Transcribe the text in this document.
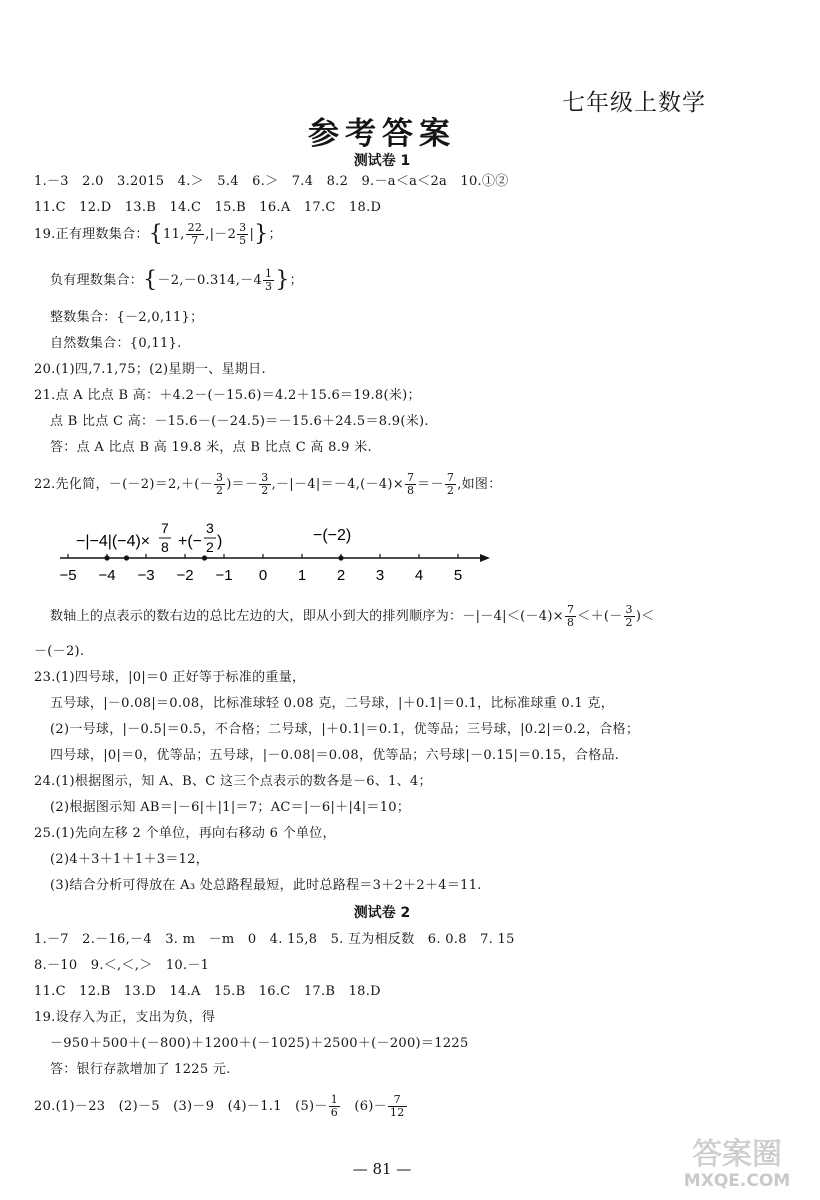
七年级上数学
参考答案
测试卷 1
1.－3　2.0　3.2015　4.＞　5.4　6.＞　7.4　8.2　9.－a＜a＜2a　10.①②
11.C　12.D　13.B　14.C　15.B　16.A　17.C　18.D
19.正有理数集合：{11, $\frac{22}{7} ,|-2 \frac{3}{5}$ |}；
负有理数集合：{$-2,-0.314,-4 \frac{1}{3}$ }；
整数集合：{－2,0,11}；
自然数集合：{0,11}.
20.(1)四,7.1,75；(2)星期一、星期日.
21.点 A 比点 B 高：＋4.2－(－15.6)＝4.2＋15.6＝19.8(米)；
点 B 比点 C 高：－15.6－(－24.5)＝－15.6＋24.5＝8.9(米).
答：点 A 比点 B 高 19.8 米，点 B 比点 C 高 8.9 米.
22.先化简，$-(-2)=2,+(- \frac{3}{2}$ )＝－ $\frac{3}{2} ,-|-4|=-4,(-4)\times \frac{7}{8} =- \frac{7}{2}$ ,如图：
−|−4|(−4)×
7
8 +(−
3
2 )	−(−2)
−5 −4 −3 −2 −1 0 1 2 3 4 5
数轴上的点表示的数右边的总比左边的大，即从小到大的排列顺序为：$-|-4|<(-4)\times \frac{7}{8}$ ＜＋(－ $\frac{3}{2}$ )＜
－(－2).
23.(1)四号球，|0|＝0 正好等于标准的重量，
五号球，|－0.08|＝0.08，比标准球轻 0.08 克，二号球，|＋0.1|＝0.1，比标准球重 0.1 克，
(2)一号球，|－0.5|＝0.5，不合格；二号球，|＋0.1|＝0.1，优等品；三号球，|0.2|＝0.2，合格；
四号球，|0|＝0，优等品；五号球，|－0.08|＝0.08，优等品；六号球|－0.15|＝0.15，合格品.
24.(1)根据图示，知 A、B、C 这三个点表示的数各是－6、1、4；
(2)根据图示知 AB＝|－6|＋|1|＝7；AC＝|－6|＋|4|＝10；
25.(1)先向左移 2 个单位，再向右移动 6 个单位，
(2)4＋3＋1＋1＋3＝12，
(3)结合分析可得放在 A₃ 处总路程最短，此时总路程＝3＋2＋2＋4＝11.
测试卷 2
1.－7　2.－16,－4　3. m　－m　0　4. 15,8　5. 互为相反数　6. 0.8　7. 15
8.－10　9.＜,＜,＞　10.－1
11.C　12.B　13.D　14.A　15.B　16.C　17.B　18.D
19.设存入为正，支出为负，得
－950＋500＋(－800)＋1200＋(－1025)＋2500＋(－200)＝1225
答：银行存款增加了 1225 元.
20.(1)－23　(2)－5　(3)－9　(4)－1.1　$(5)- \frac{1}{6}$ 　$(6)- \frac{7}{12}$
— 81 —	答案圈
MXQE.COM
